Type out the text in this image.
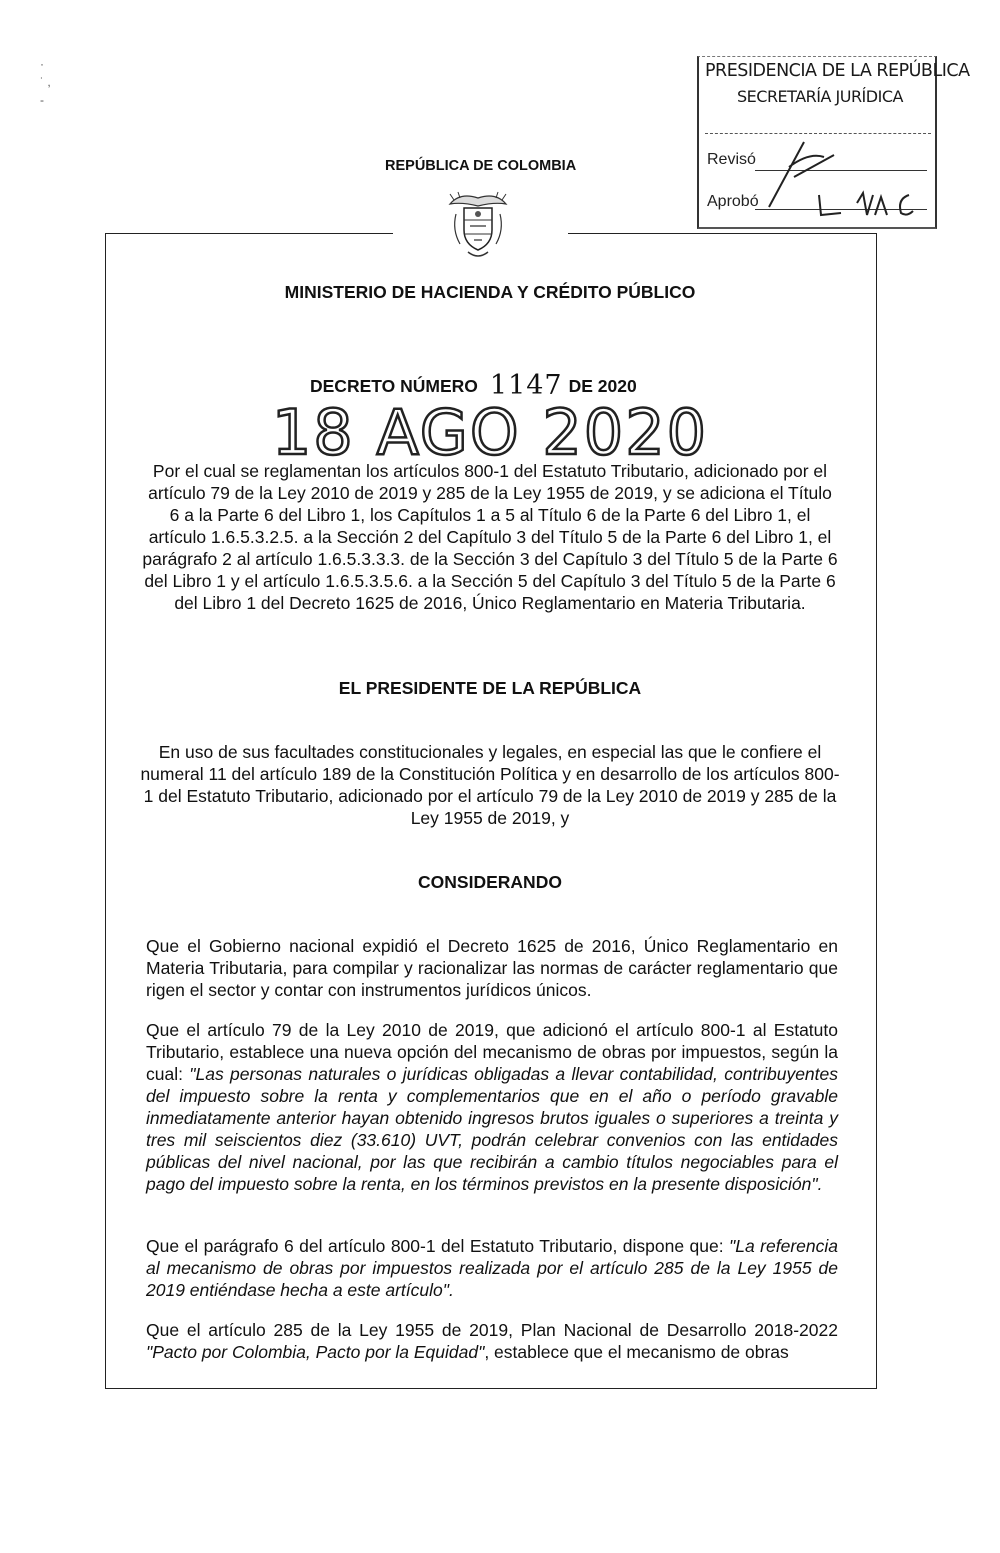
·
˙ ,
-
PRESIDENCIA DE LA REPÚBLICA
SECRETARÍA JURÍDICA
Revisó
Aprobó
REPÚBLICA DE COLOMBIA
MINISTERIO DE HACIENDA Y CRÉDITO PÚBLICO
DECRETO NÚMERO 1147 DE 2020
18 AGO 2020
Por el cual se reglamentan los artículos 800-1 del Estatuto Tributario, adicionado por el artículo 79 de la Ley 2010 de 2019 y 285 de la Ley 1955 de 2019, y se adiciona el Título 6 a la Parte 6 del Libro 1, los Capítulos 1 a 5 al Título 6 de la Parte 6 del Libro 1, el artículo 1.6.5.3.2.5. a la Sección 2 del Capítulo 3 del Título 5 de la Parte 6 del Libro 1, el parágrafo 2 al artículo 1.6.5.3.3.3. de la Sección 3 del Capítulo 3 del Título 5 de la Parte 6 del Libro 1 y el artículo 1.6.5.3.5.6. a la Sección 5 del Capítulo 3 del Título 5 de la Parte 6 del Libro 1 del Decreto 1625 de 2016, Único Reglamentario en Materia Tributaria.
EL PRESIDENTE DE LA REPÚBLICA
En uso de sus facultades constitucionales y legales, en especial las que le confiere el numeral 11 del artículo 189 de la Constitución Política y en desarrollo de los artículos 800-1 del Estatuto Tributario, adicionado por el artículo 79 de la Ley 2010 de 2019 y 285 de la Ley 1955 de 2019, y
CONSIDERANDO
Que el Gobierno nacional expidió el Decreto 1625 de 2016, Único Reglamentario en Materia Tributaria, para compilar y racionalizar las normas de carácter reglamentario que rigen el sector y contar con instrumentos jurídicos únicos.
Que el artículo 79 de la Ley 2010 de 2019, que adicionó el artículo 800-1 al Estatuto Tributario, establece una nueva opción del mecanismo de obras por impuestos, según la cual: "Las personas naturales o jurídicas obligadas a llevar contabilidad, contribuyentes del impuesto sobre la renta y complementarios que en el año o período gravable inmediatamente anterior hayan obtenido ingresos brutos iguales o superiores a treinta y tres mil seiscientos diez (33.610) UVT, podrán celebrar convenios con las entidades públicas del nivel nacional, por las que recibirán a cambio títulos negociables para el pago del impuesto sobre la renta, en los términos previstos en la presente disposición".
Que el parágrafo 6 del artículo 800-1 del Estatuto Tributario, dispone que: "La referencia al mecanismo de obras por impuestos realizada por el artículo 285 de la Ley 1955 de 2019 entiéndase hecha a este artículo".
Que el artículo 285 de la Ley 1955 de 2019, Plan Nacional de Desarrollo 2018-2022 "Pacto por Colombia, Pacto por la Equidad", establece que el mecanismo de obras
